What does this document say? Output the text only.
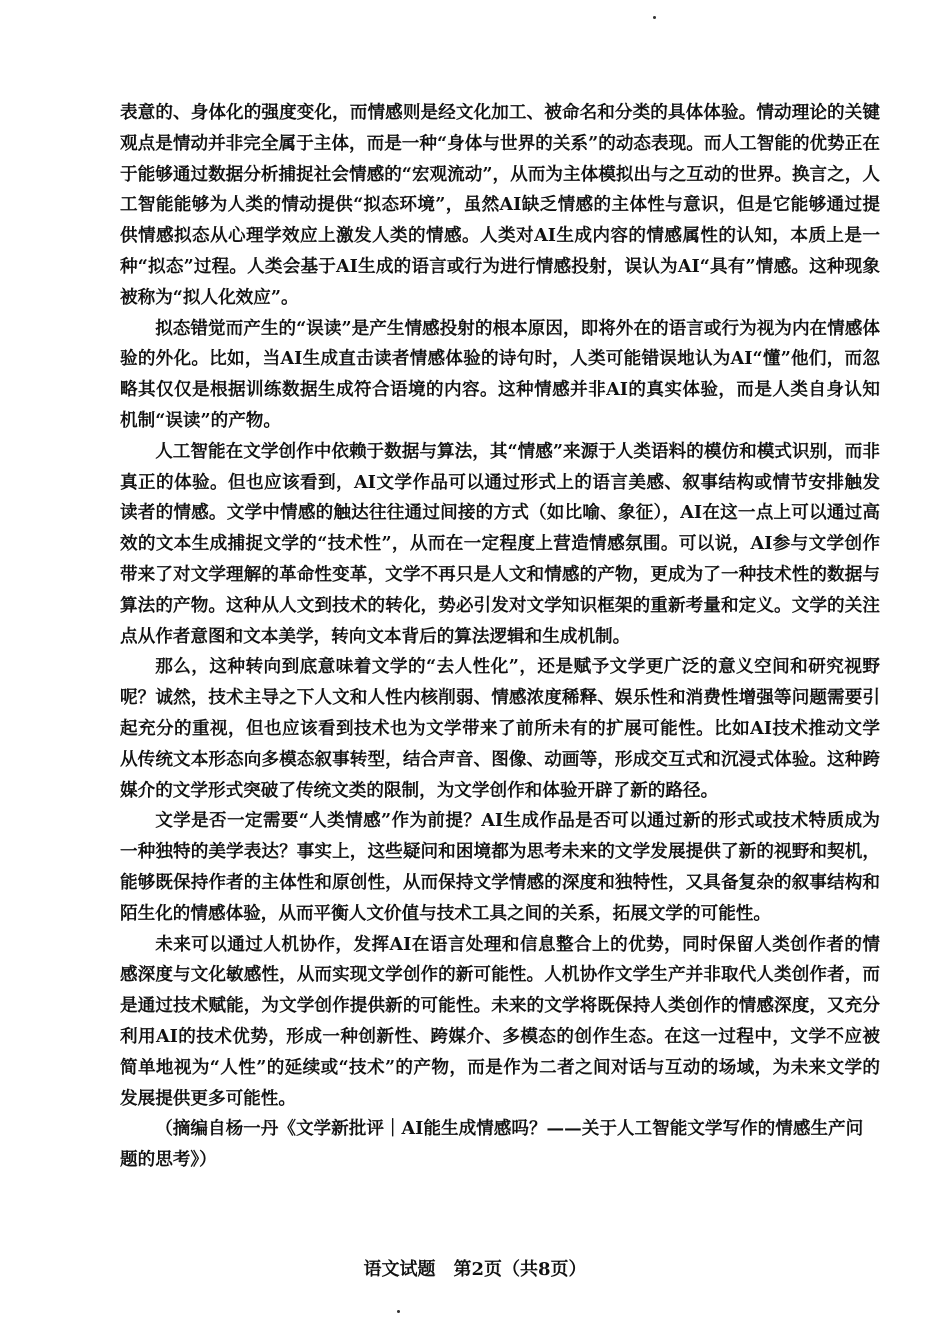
表意的、身体化的强度变化，而情感则是经文化加工、被命名和分类的具体体验。情动理论的关键观点是情动并非完全属于主体，而是一种“身体与世界的关系”的动态表现。而人工智能的优势正在于能够通过数据分析捕捉社会情感的“宏观流动”，从而为主体模拟出与之互动的世界。换言之，人工智能能够为人类的情动提供“拟态环境”，虽然AI缺乏情感的主体性与意识，但是它能够通过提供情感拟态从心理学效应上激发人类的情感。人类对AI生成内容的情感属性的认知，本质上是一种“拟态”过程。人类会基于AI生成的语言或行为进行情感投射，误认为AI“具有”情感。这种现象被称为“拟人化效应”。

拟态错觉而产生的“误读”是产生情感投射的根本原因，即将外在的语言或行为视为内在情感体验的外化。比如，当AI生成直击读者情感体验的诗句时，人类可能错误地认为AI“懂”他们，而忽略其仅仅是根据训练数据生成符合语境的内容。这种情感并非AI的真实体验，而是人类自身认知机制“误读”的产物。

人工智能在文学创作中依赖于数据与算法，其“情感”来源于人类语料的模仿和模式识别，而非真正的体验。但也应该看到，AI文学作品可以通过形式上的语言美感、叙事结构或情节安排触发读者的情感。文学中情感的触达往往通过间接的方式（如比喻、象征），AI在这一点上可以通过高效的文本生成捕捉文学的“技术性”，从而在一定程度上营造情感氛围。可以说，AI参与文学创作带来了对文学理解的革命性变革，文学不再只是人文和情感的产物，更成为了一种技术性的数据与算法的产物。这种从人文到技术的转化，势必引发对文学知识框架的重新考量和定义。文学的关注点从作者意图和文本美学，转向文本背后的算法逻辑和生成机制。

那么，这种转向到底意味着文学的“去人性化”，还是赋予文学更广泛的意义空间和研究视野呢？诚然，技术主导之下人文和人性内核削弱、情感浓度稀释、娱乐性和消费性增强等问题需要引起充分的重视，但也应该看到技术也为文学带来了前所未有的扩展可能性。比如AI技术推动文学从传统文本形态向多模态叙事转型，结合声音、图像、动画等，形成交互式和沉浸式体验。这种跨媒介的文学形式突破了传统文类的限制，为文学创作和体验开辟了新的路径。

文学是否一定需要“人类情感”作为前提？AI生成作品是否可以通过新的形式或技术特质成为一种独特的美学表达？事实上，这些疑问和困境都为思考未来的文学发展提供了新的视野和契机，能够既保持作者的主体性和原创性，从而保持文学情感的深度和独特性，又具备复杂的叙事结构和陌生化的情感体验，从而平衡人文价值与技术工具之间的关系，拓展文学的可能性。

未来可以通过人机协作，发挥AI在语言处理和信息整合上的优势，同时保留人类创作者的情感深度与文化敏感性，从而实现文学创作的新可能性。人机协作文学生产并非取代人类创作者，而是通过技术赋能，为文学创作提供新的可能性。未来的文学将既保持人类创作的情感深度，又充分利用AI的技术优势，形成一种创新性、跨媒介、多模态的创作生态。在这一过程中，文学不应被简单地视为“人性”的延续或“技术”的产物，而是作为二者之间对话与互动的场域，为未来文学的发展提供更多可能性。

（摘编自杨一丹《文学新批评｜AI能生成情感吗？——关于人工智能文学写作的情感生产问题的思考》）

语文试题　第2页（共8页）
